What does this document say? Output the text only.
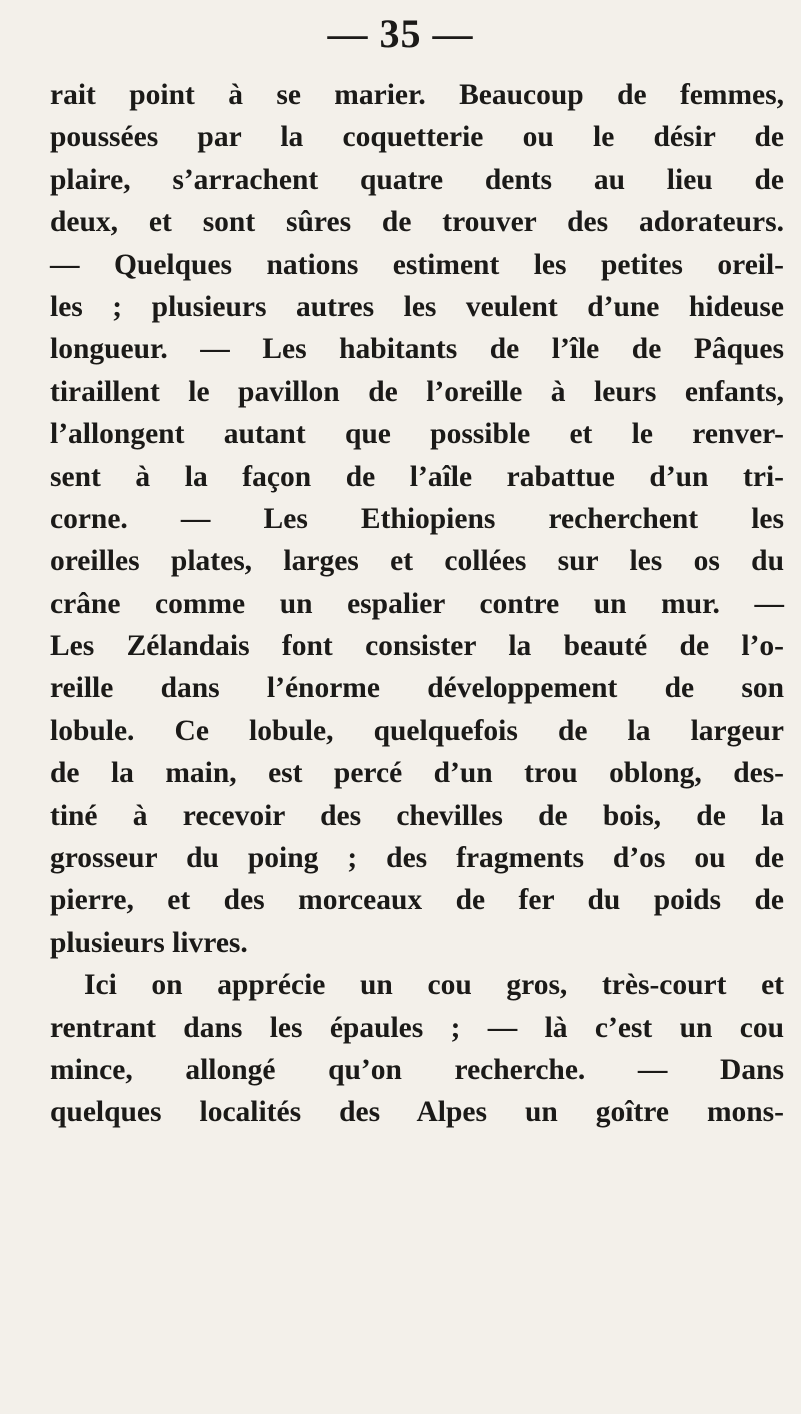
— 35 —
rait point à se marier. Beaucoup de femmes,
poussées par la coquetterie ou le désir de
plaire, s’arrachent quatre dents au lieu de
deux, et sont sûres de trouver des adorateurs.
— Quelques nations estiment les petites oreil-
les ; plusieurs autres les veulent d’une hideuse
longueur. — Les habitants de l’île de Pâques
tiraillent le pavillon de l’oreille à leurs enfants,
l’allongent autant que possible et le renver-
sent à la façon de l’aîle rabattue d’un tri-
corne. — Les Ethiopiens recherchent les
oreilles plates, larges et collées sur les os du
crâne comme un espalier contre un mur. —
Les Zélandais font consister la beauté de l’o-
reille dans l’énorme développement de son
lobule. Ce lobule, quelquefois de la largeur
de la main, est percé d’un trou oblong, des-
tiné à recevoir des chevilles de bois, de la
grosseur du poing ; des fragments d’os ou de
pierre, et des morceaux de fer du poids de
plusieurs livres.
Ici on apprécie un cou gros, très-court et
rentrant dans les épaules ; — là c’est un cou
mince, allongé qu’on recherche. — Dans
quelques localités des Alpes un goître mons-
